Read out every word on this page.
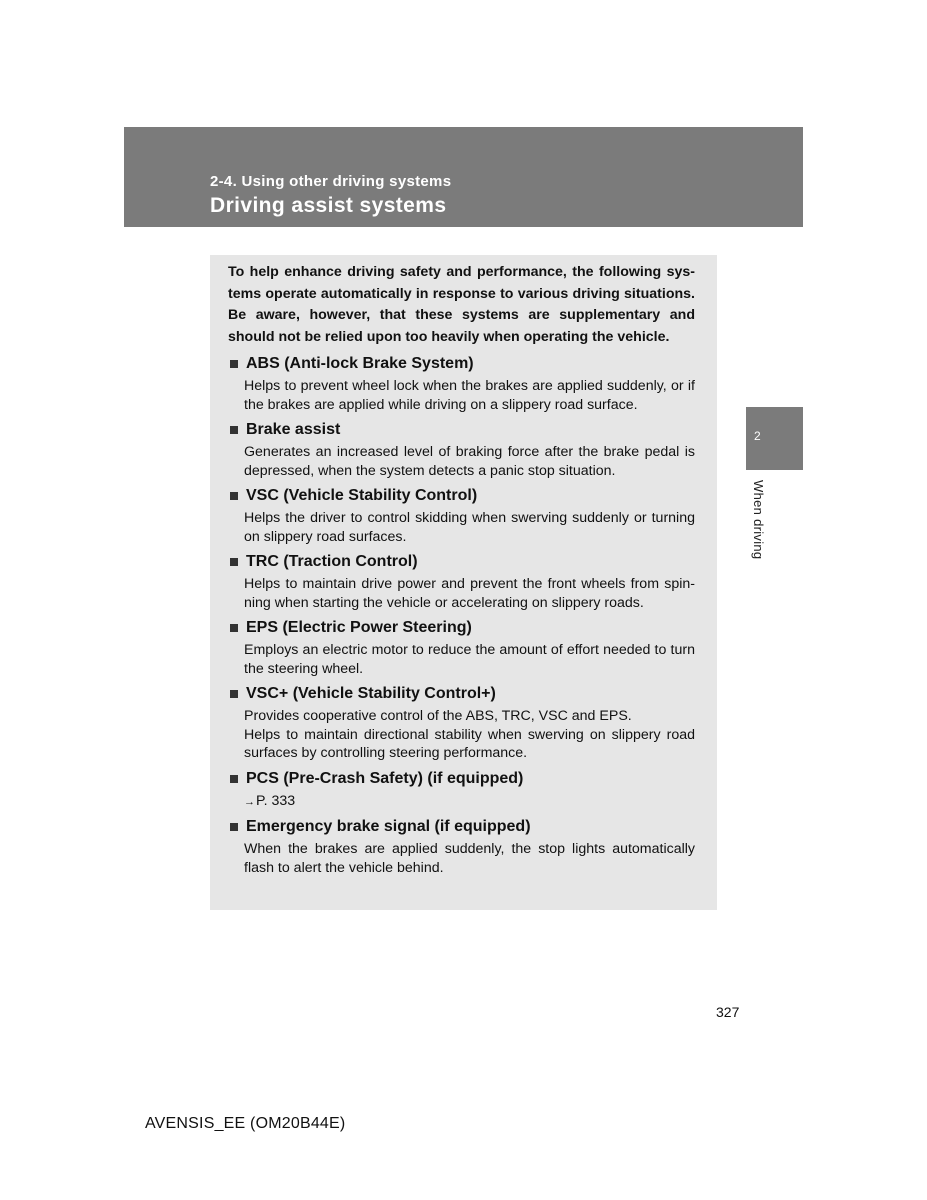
2-4. Using other driving systems
Driving assist systems

To help enhance driving safety and performance, the following sys-tems operate automatically in response to various driving situations. Be aware, however, that these systems are supplementary and should not be relied upon too heavily when operating the vehicle.

ABS (Anti-lock Brake System)

Helps to prevent wheel lock when the brakes are applied suddenly, or if the brakes are applied while driving on a slippery road surface.

Brake assist

Generates an increased level of braking force after the brake pedal is depressed, when the system detects a panic stop situation.

VSC (Vehicle Stability Control)

Helps the driver to control skidding when swerving suddenly or turning on slippery road surfaces.

TRC (Traction Control)

Helps to maintain drive power and prevent the front wheels from spin-ning when starting the vehicle or accelerating on slippery roads.

EPS (Electric Power Steering)

Employs an electric motor to reduce the amount of effort needed to turn the steering wheel.

VSC+ (Vehicle Stability Control+)

Provides cooperative control of the ABS, TRC, VSC and EPS.

Helps to maintain directional stability when swerving on slippery road surfaces by controlling steering performance.

PCS (Pre-Crash Safety) (if equipped)
→P. 333
Emergency brake signal (if equipped)

When the brakes are applied suddenly, the stop lights automatically flash to alert the vehicle behind.

2
When driving
327
AVENSIS_EE (OM20B44E)
